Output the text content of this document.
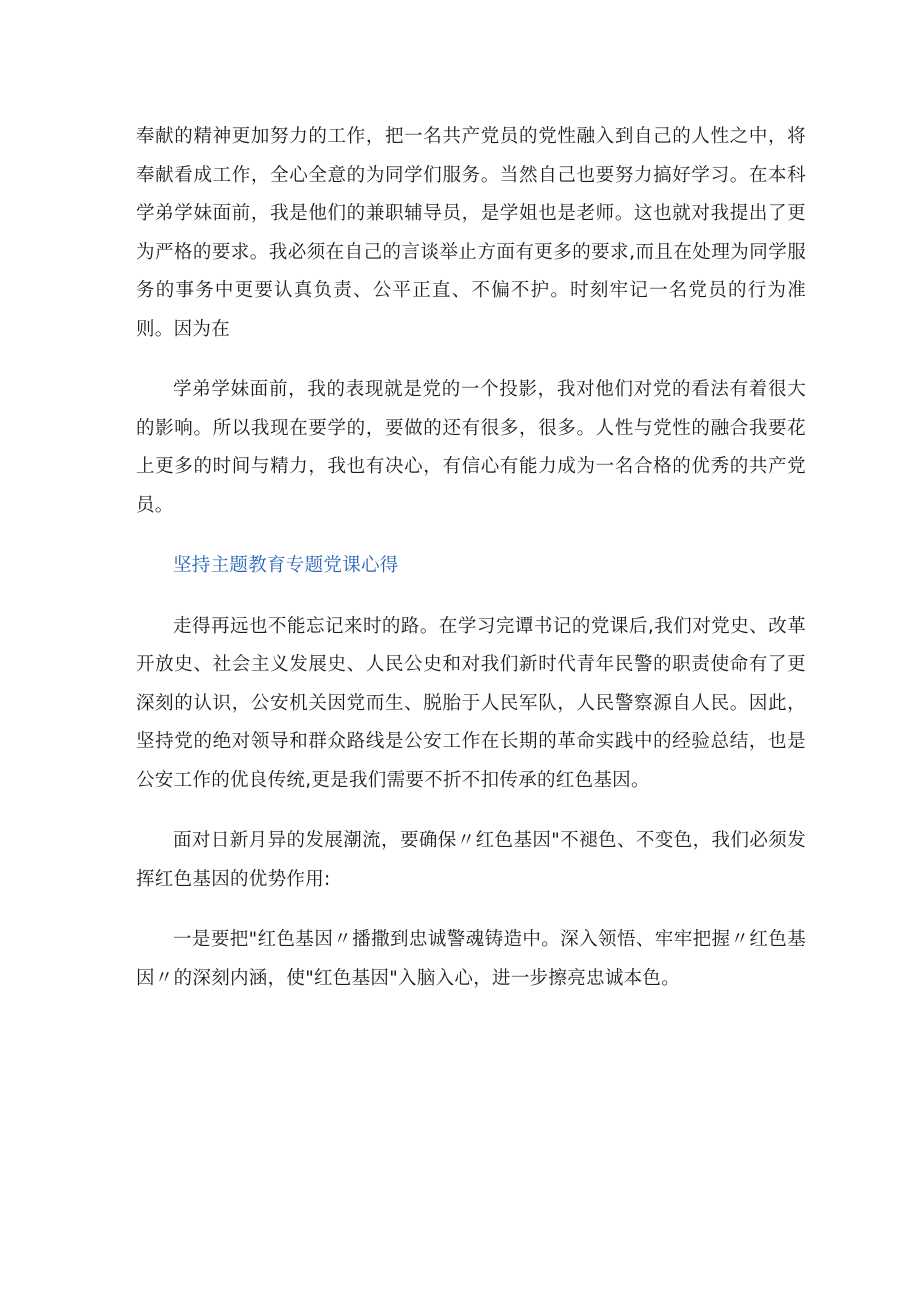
奉献的精神更加努力的工作，把一名共产党员的党性融入到自己的人性之中，将奉献看成工作，全心全意的为同学们服务。当然自己也要努力搞好学习。在本科学弟学妹面前，我是他们的兼职辅导员，是学姐也是老师。这也就对我提出了更为严格的要求。我必须在自己的言谈举止方面有更多的要求,而且在处理为同学服务的事务中更要认真负责、公平正直、不偏不护。时刻牢记一名党员的行为准则。因为在

学弟学妹面前，我的表现就是党的一个投影，我对他们对党的看法有着很大的影响。所以我现在要学的，要做的还有很多，很多。人性与党性的融合我要花上更多的时间与精力，我也有决心，有信心有能力成为一名合格的优秀的共产党员。

坚持主题教育专题党课心得

走得再远也不能忘记来时的路。在学习完谭书记的党课后,我们对党史、改革开放史、社会主义发展史、人民公史和对我们新时代青年民警的职责使命有了更深刻的认识，公安机关因党而生、脱胎于人民军队，人民警察源自人民。因此，坚持党的绝对领导和群众路线是公安工作在长期的革命实践中的经验总结，也是公安工作的优良传统,更是我们需要不折不扣传承的红色基因。

面对日新月异的发展潮流，要确保〃红色基因"不褪色、不变色，我们必须发挥红色基因的优势作用:

一是要把"红色基因〃播撒到忠诚警魂铸造中。深入领悟、牢牢把握〃红色基因〃的深刻内涵，使"红色基因"入脑入心，进一步擦亮忠诚本色。
